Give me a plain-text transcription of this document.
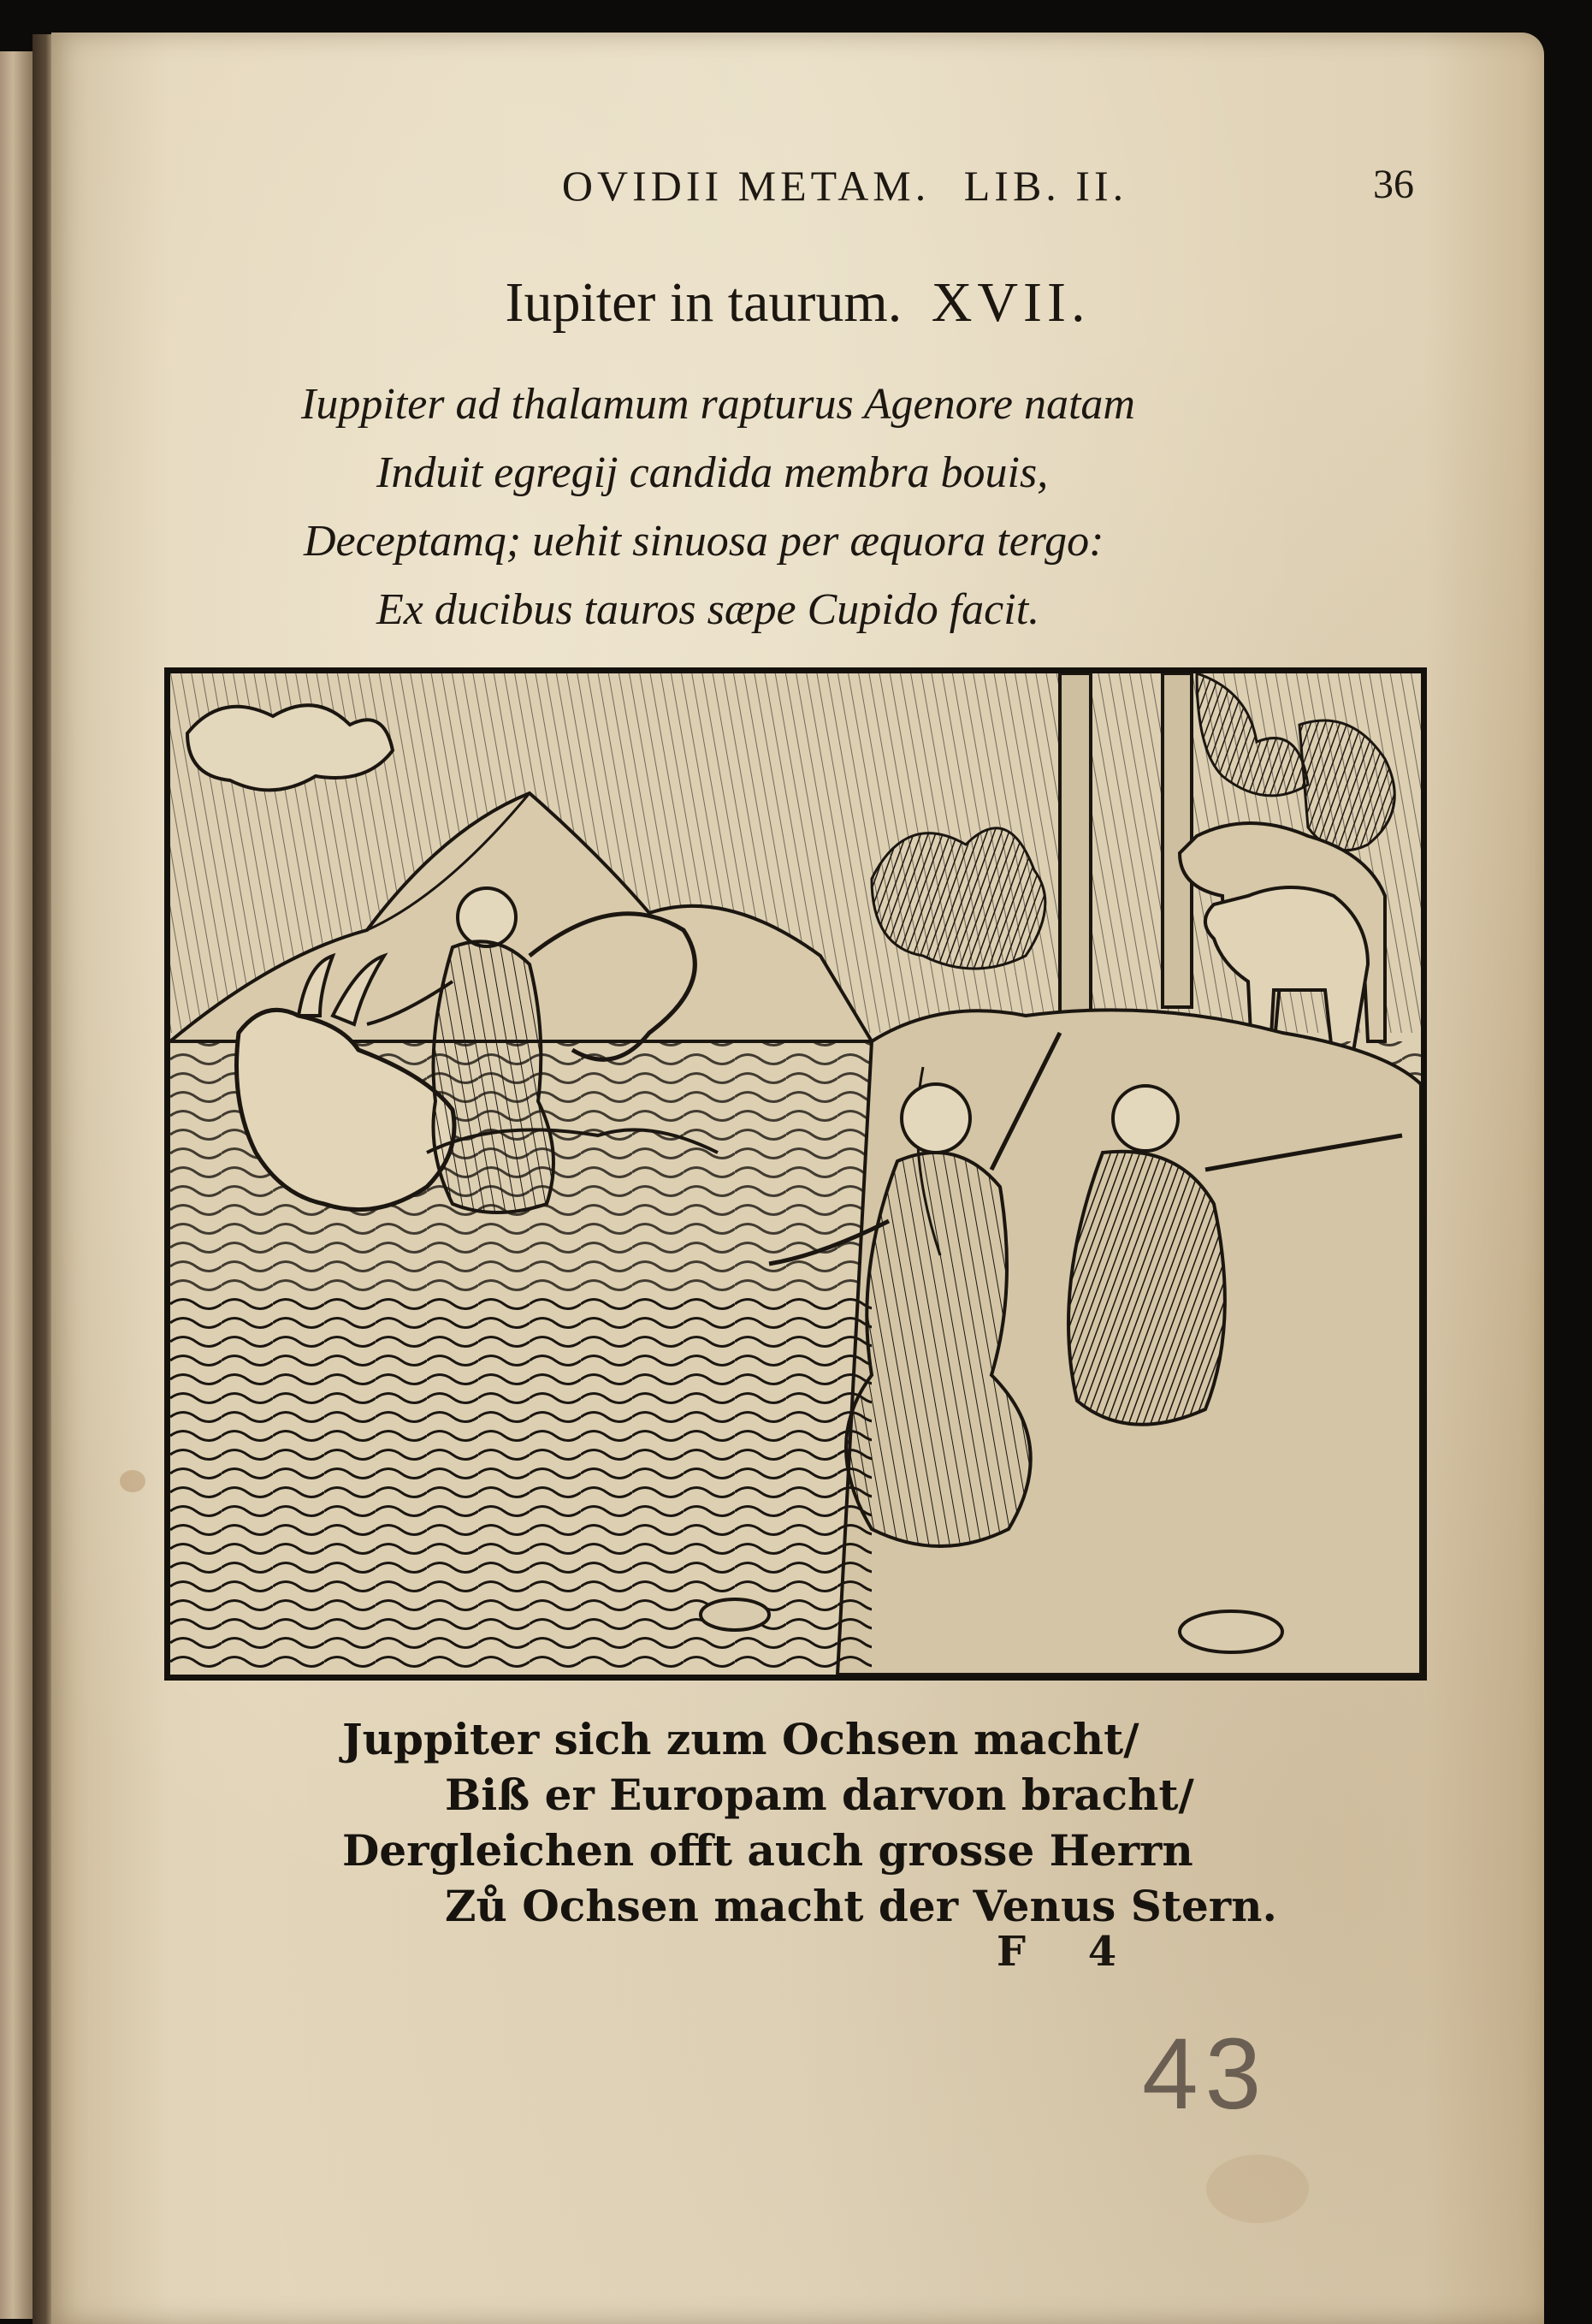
OVIDII METAM. LIB. II.	36
Iupiter in taurum. XVII.
Iuppiter ad thalamum rapturus Agenore natam
Induit egregij candida membra bouis,
Deceptamq; uehit sinuosa per æquora tergo:
Ex ducibus tauros sæpe Cupido facit.
Juppiter sich zum Ochsen macht/
Biß er Europam darvon bracht/
Dergleichen offt auch grosse Herrn
Zů Ochsen macht der Venus Stern.
F 4
43
